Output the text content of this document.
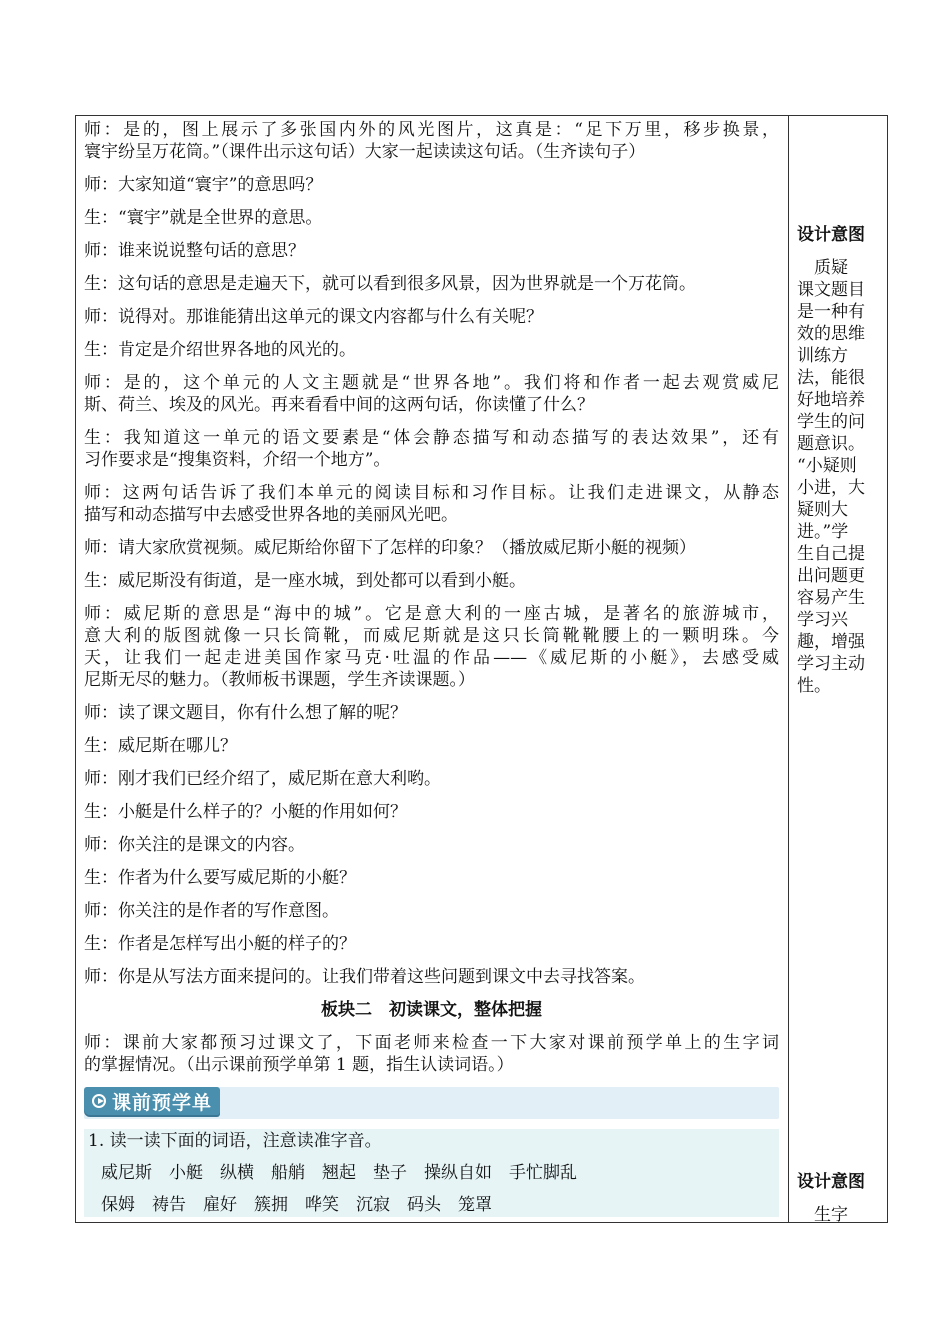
师：是的，图上展示了多张国内外的风光图片，这真是：“足下万里，移步换景，
寰宇纷呈万花筒。”（课件出示这句话）大家一起读读这句话。（生齐读句子）
师：大家知道“寰宇”的意思吗？
生：“寰宇”就是全世界的意思。
师：谁来说说整句话的意思？
生：这句话的意思是走遍天下，就可以看到很多风景，因为世界就是一个万花筒。
师：说得对。那谁能猜出这单元的课文内容都与什么有关呢？
生：肯定是介绍世界各地的风光的。
师：是的，这个单元的人文主题就是“世界各地”。我们将和作者一起去观赏威尼
斯、荷兰、埃及的风光。再来看看中间的这两句话，你读懂了什么？
生：我知道这一单元的语文要素是“体会静态描写和动态描写的表达效果”，还有
习作要求是“搜集资料，介绍一个地方”。
师：这两句话告诉了我们本单元的阅读目标和习作目标。让我们走进课文，从静态
描写和动态描写中去感受世界各地的美丽风光吧。
师：请大家欣赏视频。威尼斯给你留下了怎样的印象？（播放威尼斯小艇的视频）
生：威尼斯没有街道，是一座水城，到处都可以看到小艇。
师：威尼斯的意思是“海中的城”。它是意大利的一座古城，是著名的旅游城市，
意大利的版图就像一只长筒靴，而威尼斯就是这只长筒靴靴腰上的一颗明珠。今
天，让我们一起走进美国作家马克·吐温的作品——《威尼斯的小艇》，去感受威
尼斯无尽的魅力。（教师板书课题，学生齐读课题。）
师：读了课文题目，你有什么想了解的呢？
生：威尼斯在哪儿？
师：刚才我们已经介绍了，威尼斯在意大利哟。
生：小艇是什么样子的？小艇的作用如何？
师：你关注的是课文的内容。
生：作者为什么要写威尼斯的小艇？
师：你关注的是作者的写作意图。
生：作者是怎样写出小艇的样子的？
师：你是从写法方面来提问的。让我们带着这些问题到课文中去寻找答案。
板块二　初读课文，整体把握
师：课前大家都预习过课文了，下面老师来检查一下大家对课前预学单上的生字词
的掌握情况。（出示课前预学单第 1 题，指生认读词语。）
课前预学单
1. 读一读下面的词语，注意读准字音。
威尼斯 小艇 纵横 船艄 翘起 垫子 操纵自如 手忙脚乱
保姆 祷告 雇好 簇拥 哗笑 沉寂 码头 笼罩
设计意图
　质疑
课文题目
是一种有
效的思维
训练方
法，能很
好地培养
学生的问
题意识。
“小疑则
小进，大
疑则大
进。”学
生自己提
出问题更
容易产生
学习兴
趣，增强
学习主动
性。
设计意图
　生字
